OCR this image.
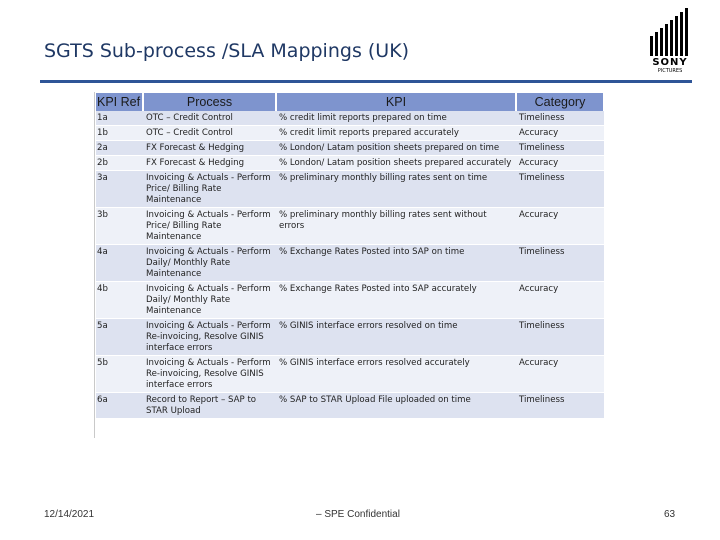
SGTS Sub-process /SLA Mappings (UK)
SONY
PICTURES
KPI Ref	Process	KPI	Category
1a	OTC – Credit Control	% credit limit reports prepared on time	Timeliness
1b	OTC – Credit Control	% credit limit reports prepared accurately	Accuracy
2a	FX Forecast & Hedging	% London/ Latam position sheets prepared on time	Timeliness
2b	FX Forecast & Hedging	% London/ Latam position sheets prepared accurately	Accuracy
3a	Invoicing & Actuals - Perform Price/ Billing Rate Maintenance	% preliminary monthly billing rates sent on time	Timeliness
3b	Invoicing & Actuals - Perform Price/ Billing Rate Maintenance	% preliminary monthly billing rates sent without errors	Accuracy
4a	Invoicing & Actuals - Perform Daily/ Monthly Rate Maintenance	% Exchange Rates Posted into SAP on time	Timeliness
4b	Invoicing & Actuals - Perform Daily/ Monthly Rate Maintenance	% Exchange Rates Posted into SAP accurately	Accuracy
5a	Invoicing & Actuals - Perform Re-invoicing, Resolve GINIS interface errors	% GINIS interface errors resolved on time	Timeliness
5b	Invoicing & Actuals - Perform Re-invoicing, Resolve GINIS interface errors	% GINIS interface errors resolved accurately	Accuracy
6a	Record to Report – SAP to STAR Upload	% SAP to STAR Upload File uploaded on time	Timeliness
12/14/2021	– SPE Confidential	63
